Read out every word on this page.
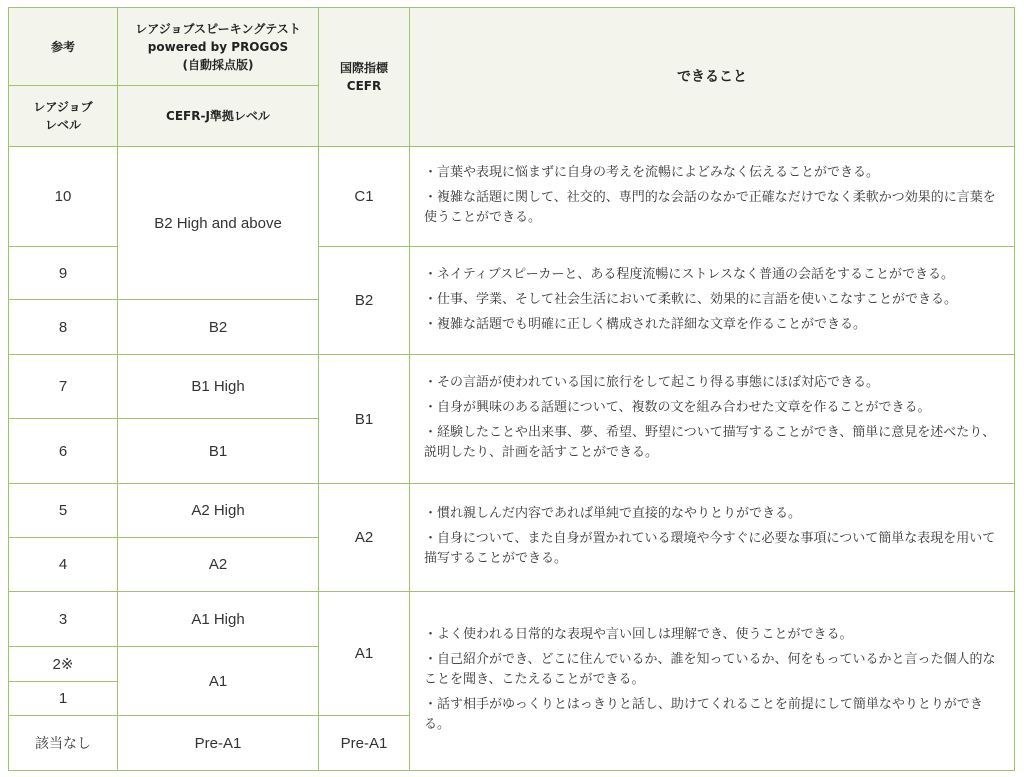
参考	レアジョブスピーキングテスト
powered by PROGOS
(自動採点版)	国際指標
CEFR	できること

レアジョブ
レベル	CEFR-J準拠レベル		
10	B2 High and above	C1	・言葉や表現に悩まずに自身の考えを流暢によどみなく伝えることができる。

・複雑な話題に関して、社交的、専門的な会話のなかで正確なだけでなく柔軟かつ効果的に言葉を使うことができる。

9		B2	・ネイティブスピーカーと、ある程度流暢にストレスなく普通の会話をすることができる。

・仕事、学業、そして社会生活において柔軟に、効果的に言語を使いこなすことができる。

・複雑な話題でも明確に正しく構成された詳細な文章を作ることができる。

8	B2		
7	B1 High	B1	・その言語が使われている国に旅行をして起こり得る事態にほぼ対応できる。

・自身が興味のある話題について、複数の文を組み合わせた文章を作ることができる。

・経験したことや出来事、夢、希望、野望について描写することができ、簡単に意見を述べたり、説明したり、計画を話すことができる。

6	B1		
5	A2 High	A2	・慣れ親しんだ内容であれば単純で直接的なやりとりができる。

・自身について、また自身が置かれている環境や今すぐに必要な事項について簡単な表現を用いて描写することができる。

4	A2		
3	A1 High	A1	・よく使われる日常的な表現や言い回しは理解でき、使うことができる。

・自己紹介ができ、どこに住んでいるか、誰を知っているか、何をもっているかと言った個人的なことを聞き、こたえることができる。

・話す相手がゆっくりとはっきりと話し、助けてくれることを前提にして簡単なやりとりができる。

2※	A1		
1			
該当なし	Pre-A1	Pre-A1	
